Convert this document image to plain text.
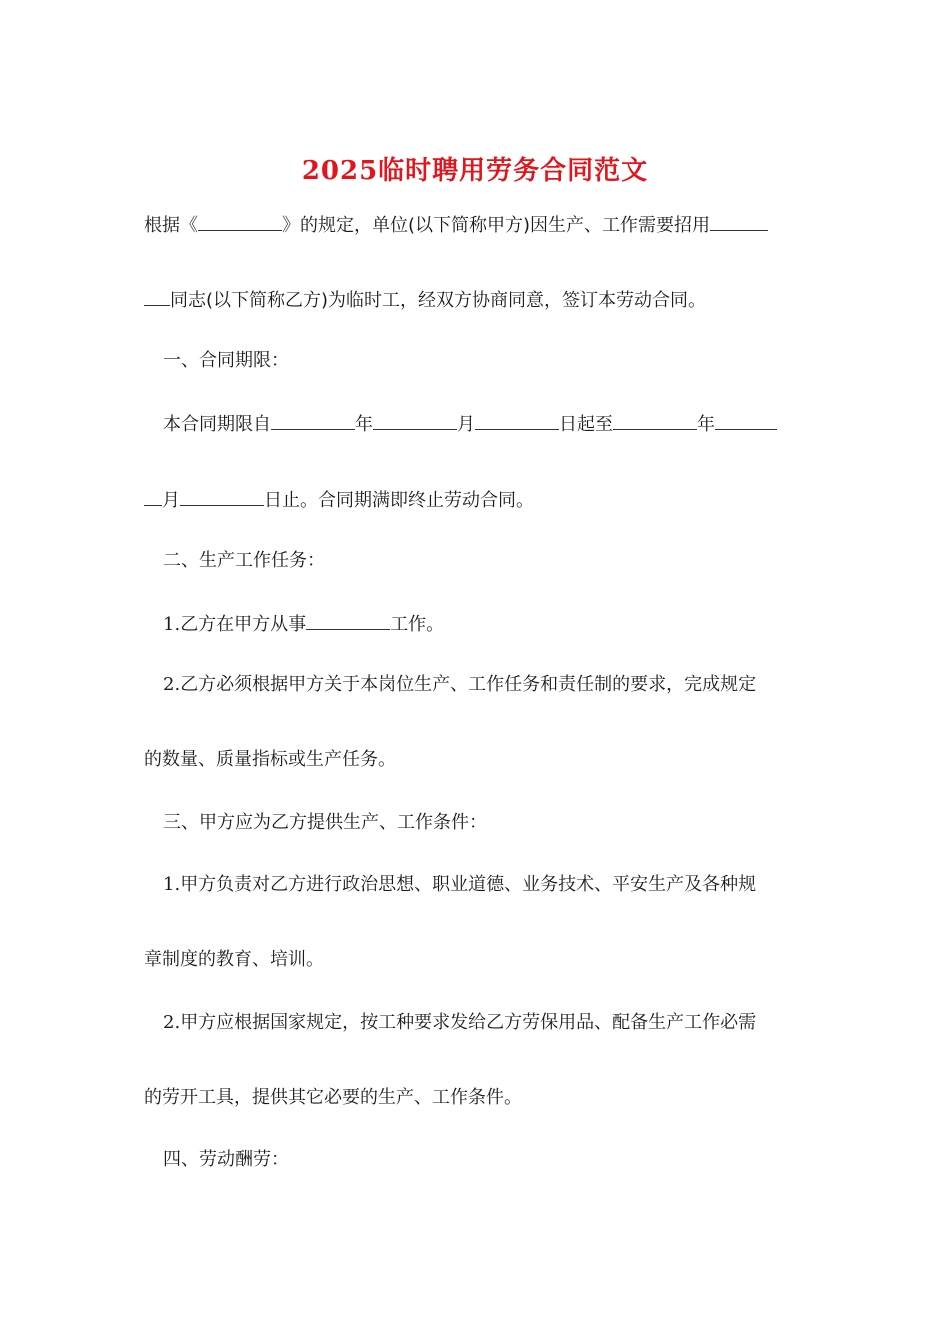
2025临时聘用劳务合同范文
根据《	》的规定，单位(以下简称甲方)因生产、工作需要招用
同志(以下简称乙方)为临时工，经双方协商同意，签订本劳动合同。
一、合同期限：
本合同期限自	年	月	日起至	年
月	日止。合同期满即终止劳动合同。
二、生产工作任务：
1.乙方在甲方从事	工作。
2.乙方必须根据甲方关于本岗位生产、工作任务和责任制的要求，完成规定
的数量、质量指标或生产任务。
三、甲方应为乙方提供生产、工作条件：
1.甲方负责对乙方进行政治思想、职业道德、业务技术、平安生产及各种规
章制度的教育、培训。
2.甲方应根据国家规定，按工种要求发给乙方劳保用品、配备生产工作必需
的劳开工具，提供其它必要的生产、工作条件。
四、劳动酬劳：
